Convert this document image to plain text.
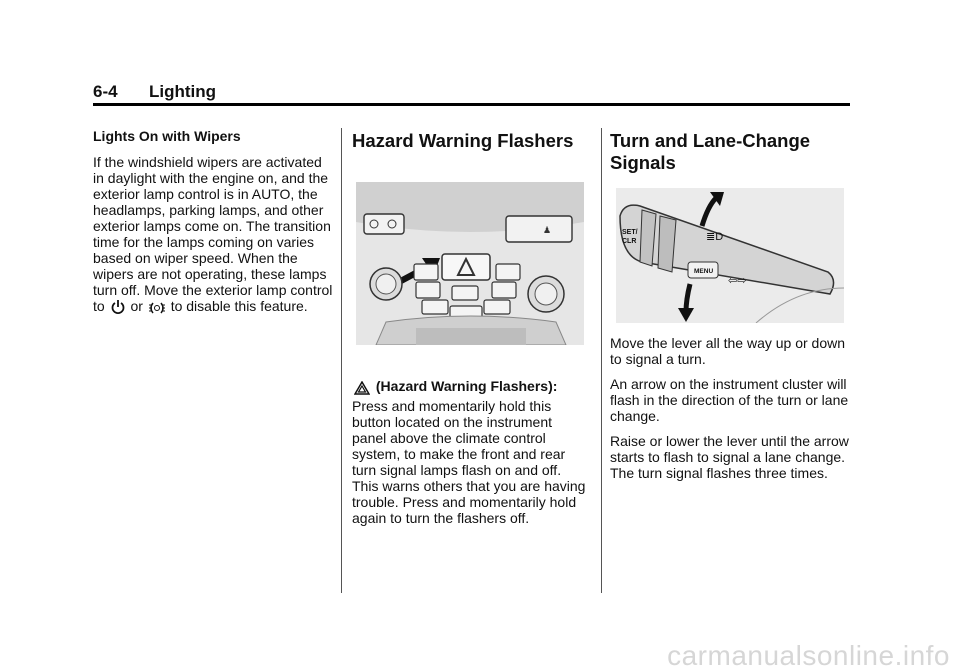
6-4 Lighting
Lights On with Wipers

If the windshield wipers are activated in daylight with the engine on, and the exterior lamp control is in AUTO, the headlamps, parking lamps, and other exterior lamps come on. The transition time for the lamps coming on varies based on wiper speed. When the wipers are not operating, these lamps turn off. Move the exterior lamp control to or to disable this feature.

Hazard Warning Flashers
♟

(Hazard Warning Flashers): Press and momentarily hold this button located on the instrument panel above the climate control system, to make the front and rear turn signal lamps flash on and off. This warns others that you are having trouble. Press and momentarily hold again to turn the flashers off.

Turn and Lane-Change Signals
SET/
CLR
MENU
≣D
⇦⇨

Move the lever all the way up or down to signal a turn.

An arrow on the instrument cluster will flash in the direction of the turn or lane change.

Raise or lower the lever until the arrow starts to flash to signal a lane change. The turn signal flashes three times.

carmanualsonline.info
